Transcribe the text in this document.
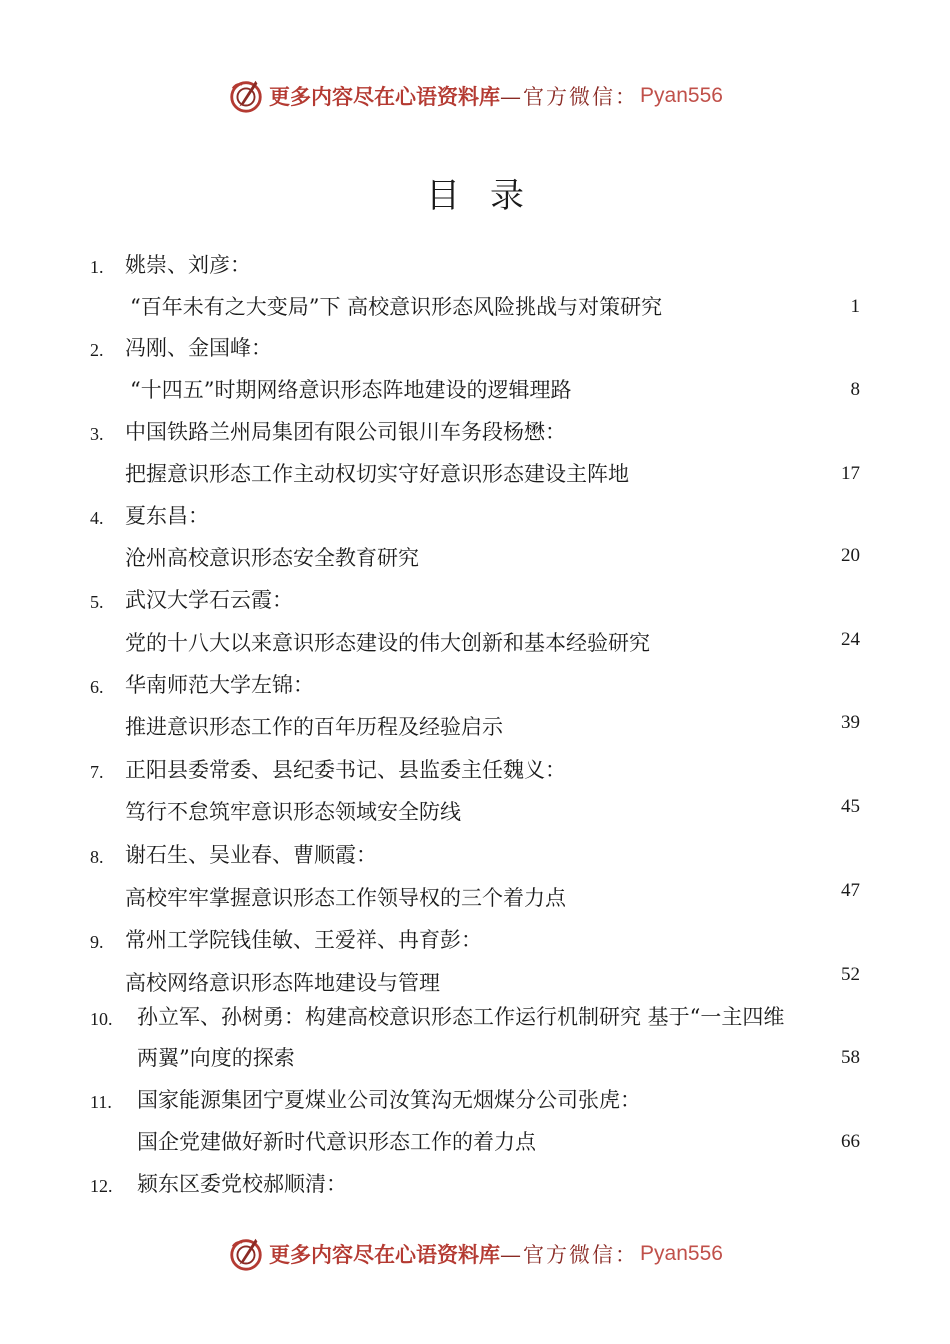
更多内容尽在心语资料库 —官方微信： Pyan556
目录
1. 姚崇、刘彦：
“百年未有之大变局”下 高校意识形态风险挑战与对策研究	1
2. 冯刚、金国峰：
“十四五”时期网络意识形态阵地建设的逻辑理路	8
3. 中国铁路兰州局集团有限公司银川车务段杨懋：
把握意识形态工作主动权切实守好意识形态建设主阵地	17
4. 夏东昌：
沧州高校意识形态安全教育研究	20
5. 武汉大学石云霞：
党的十八大以来意识形态建设的伟大创新和基本经验研究	24
6. 华南师范大学左锦：
推进意识形态工作的百年历程及经验启示	39
7. 正阳县委常委、县纪委书记、县监委主任魏义：
笃行不怠筑牢意识形态领域安全防线	45
8. 谢石生、吴业春、曹顺霞：
高校牢牢掌握意识形态工作领导权的三个着力点	47
9. 常州工学院钱佳敏、王爱祥、冉育彭：
高校网络意识形态阵地建设与管理	52
10. 孙立军、孙树勇：构建高校意识形态工作运行机制研究 基于“一主四维
两翼”向度的探索	58
11. 国家能源集团宁夏煤业公司汝箕沟无烟煤分公司张虎：
国企党建做好新时代意识形态工作的着力点	66
12. 颍东区委党校郝顺清：
更多内容尽在心语资料库 —官方微信： Pyan556
